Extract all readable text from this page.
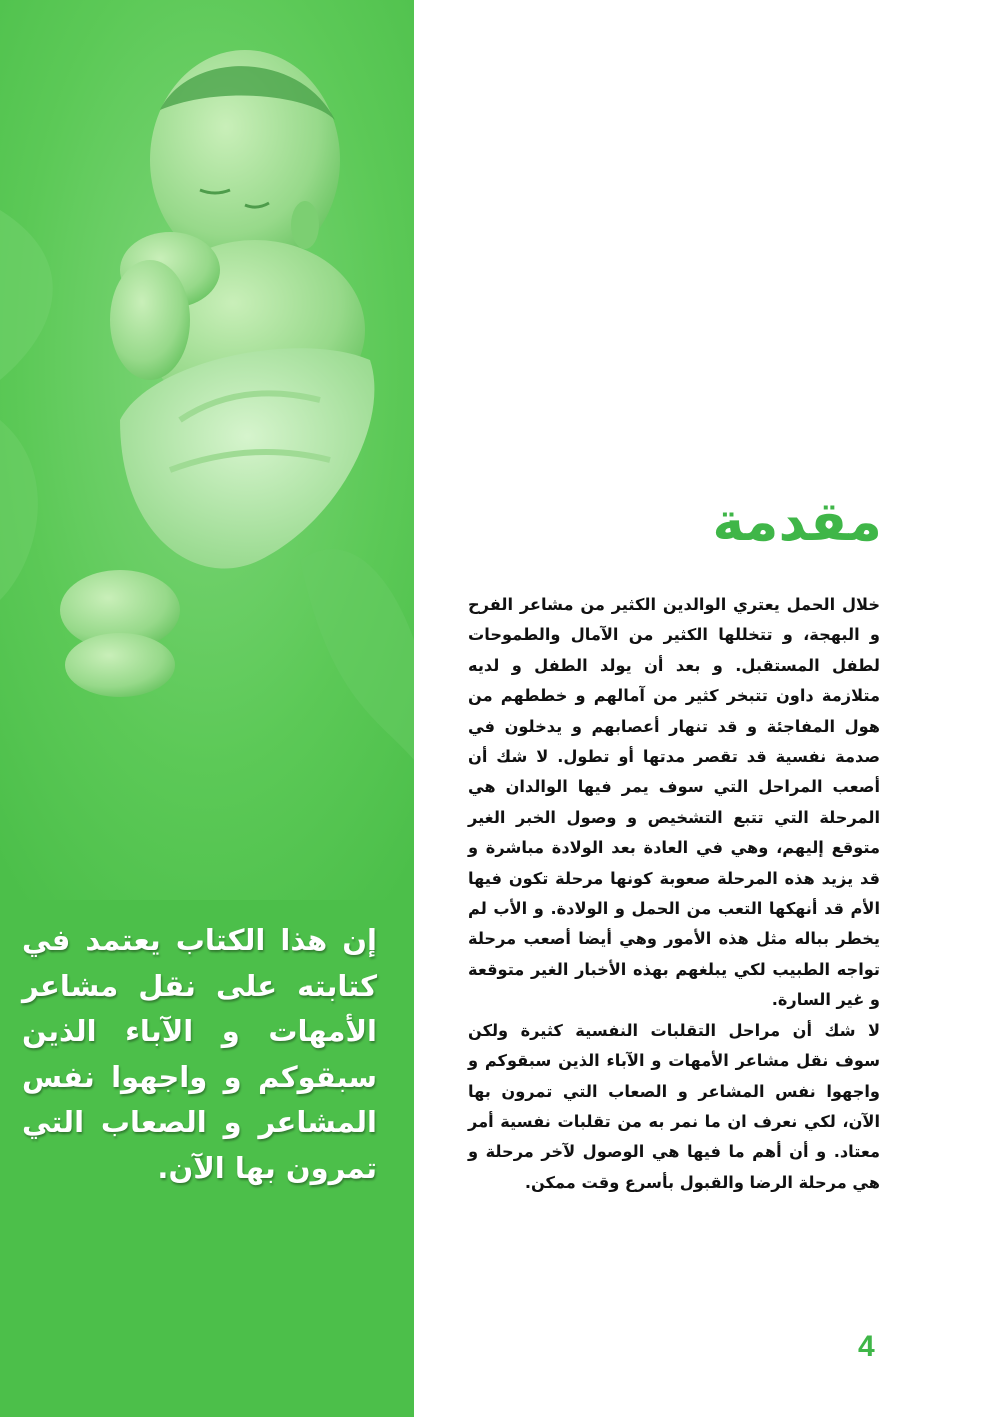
إن هذا الكتاب يعتمد في كتابته على نقل مشاعر الأمهات و الآباء الذين سبقوكم و واجهوا نفس المشاعر و الصعاب التي تمرون بها الآن.
مقدمة

خلال الحمل يعتري الوالدين الكثير من مشاعر الفرح و البهجة، و تتخللها الكثير من الآمال والطموحات لطفل المستقبل. و بعد أن يولد الطفل و لديه متلازمة داون تتبخر كثير من آمالهم و خططهم من هول المفاجئة و قد تنهار أعصابهم و يدخلون في صدمة نفسية قد تقصر مدتها أو تطول. لا شك أن أصعب المراحل التي سوف يمر فيها الوالدان هي المرحلة التي تتبع التشخيص و وصول الخبر الغير متوقع إليهم، وهي في العادة بعد الولادة مباشرة و قد يزيد هذه المرحلة صعوبة كونها مرحلة تكون فيها الأم قد أنهكها التعب من الحمل و الولادة. و الأب لم يخطر بباله مثل هذه الأمور وهي أيضا أصعب مرحلة تواجه الطبيب لكي يبلغهم بهذه الأخبار الغير متوقعة و غير السارة.

لا شك أن مراحل التقلبات النفسية كثيرة ولكن سوف نقل مشاعر الأمهات و الآباء الذين سبقوكم و واجهوا نفس المشاعر و الصعاب التي تمرون بها الآن، لكي نعرف ان ما نمر به من تقلبات نفسية أمر معتاد. و أن أهم ما فيها هي الوصول لآخر مرحلة و هي مرحلة الرضا والقبول بأسرع وقت ممكن.

4
